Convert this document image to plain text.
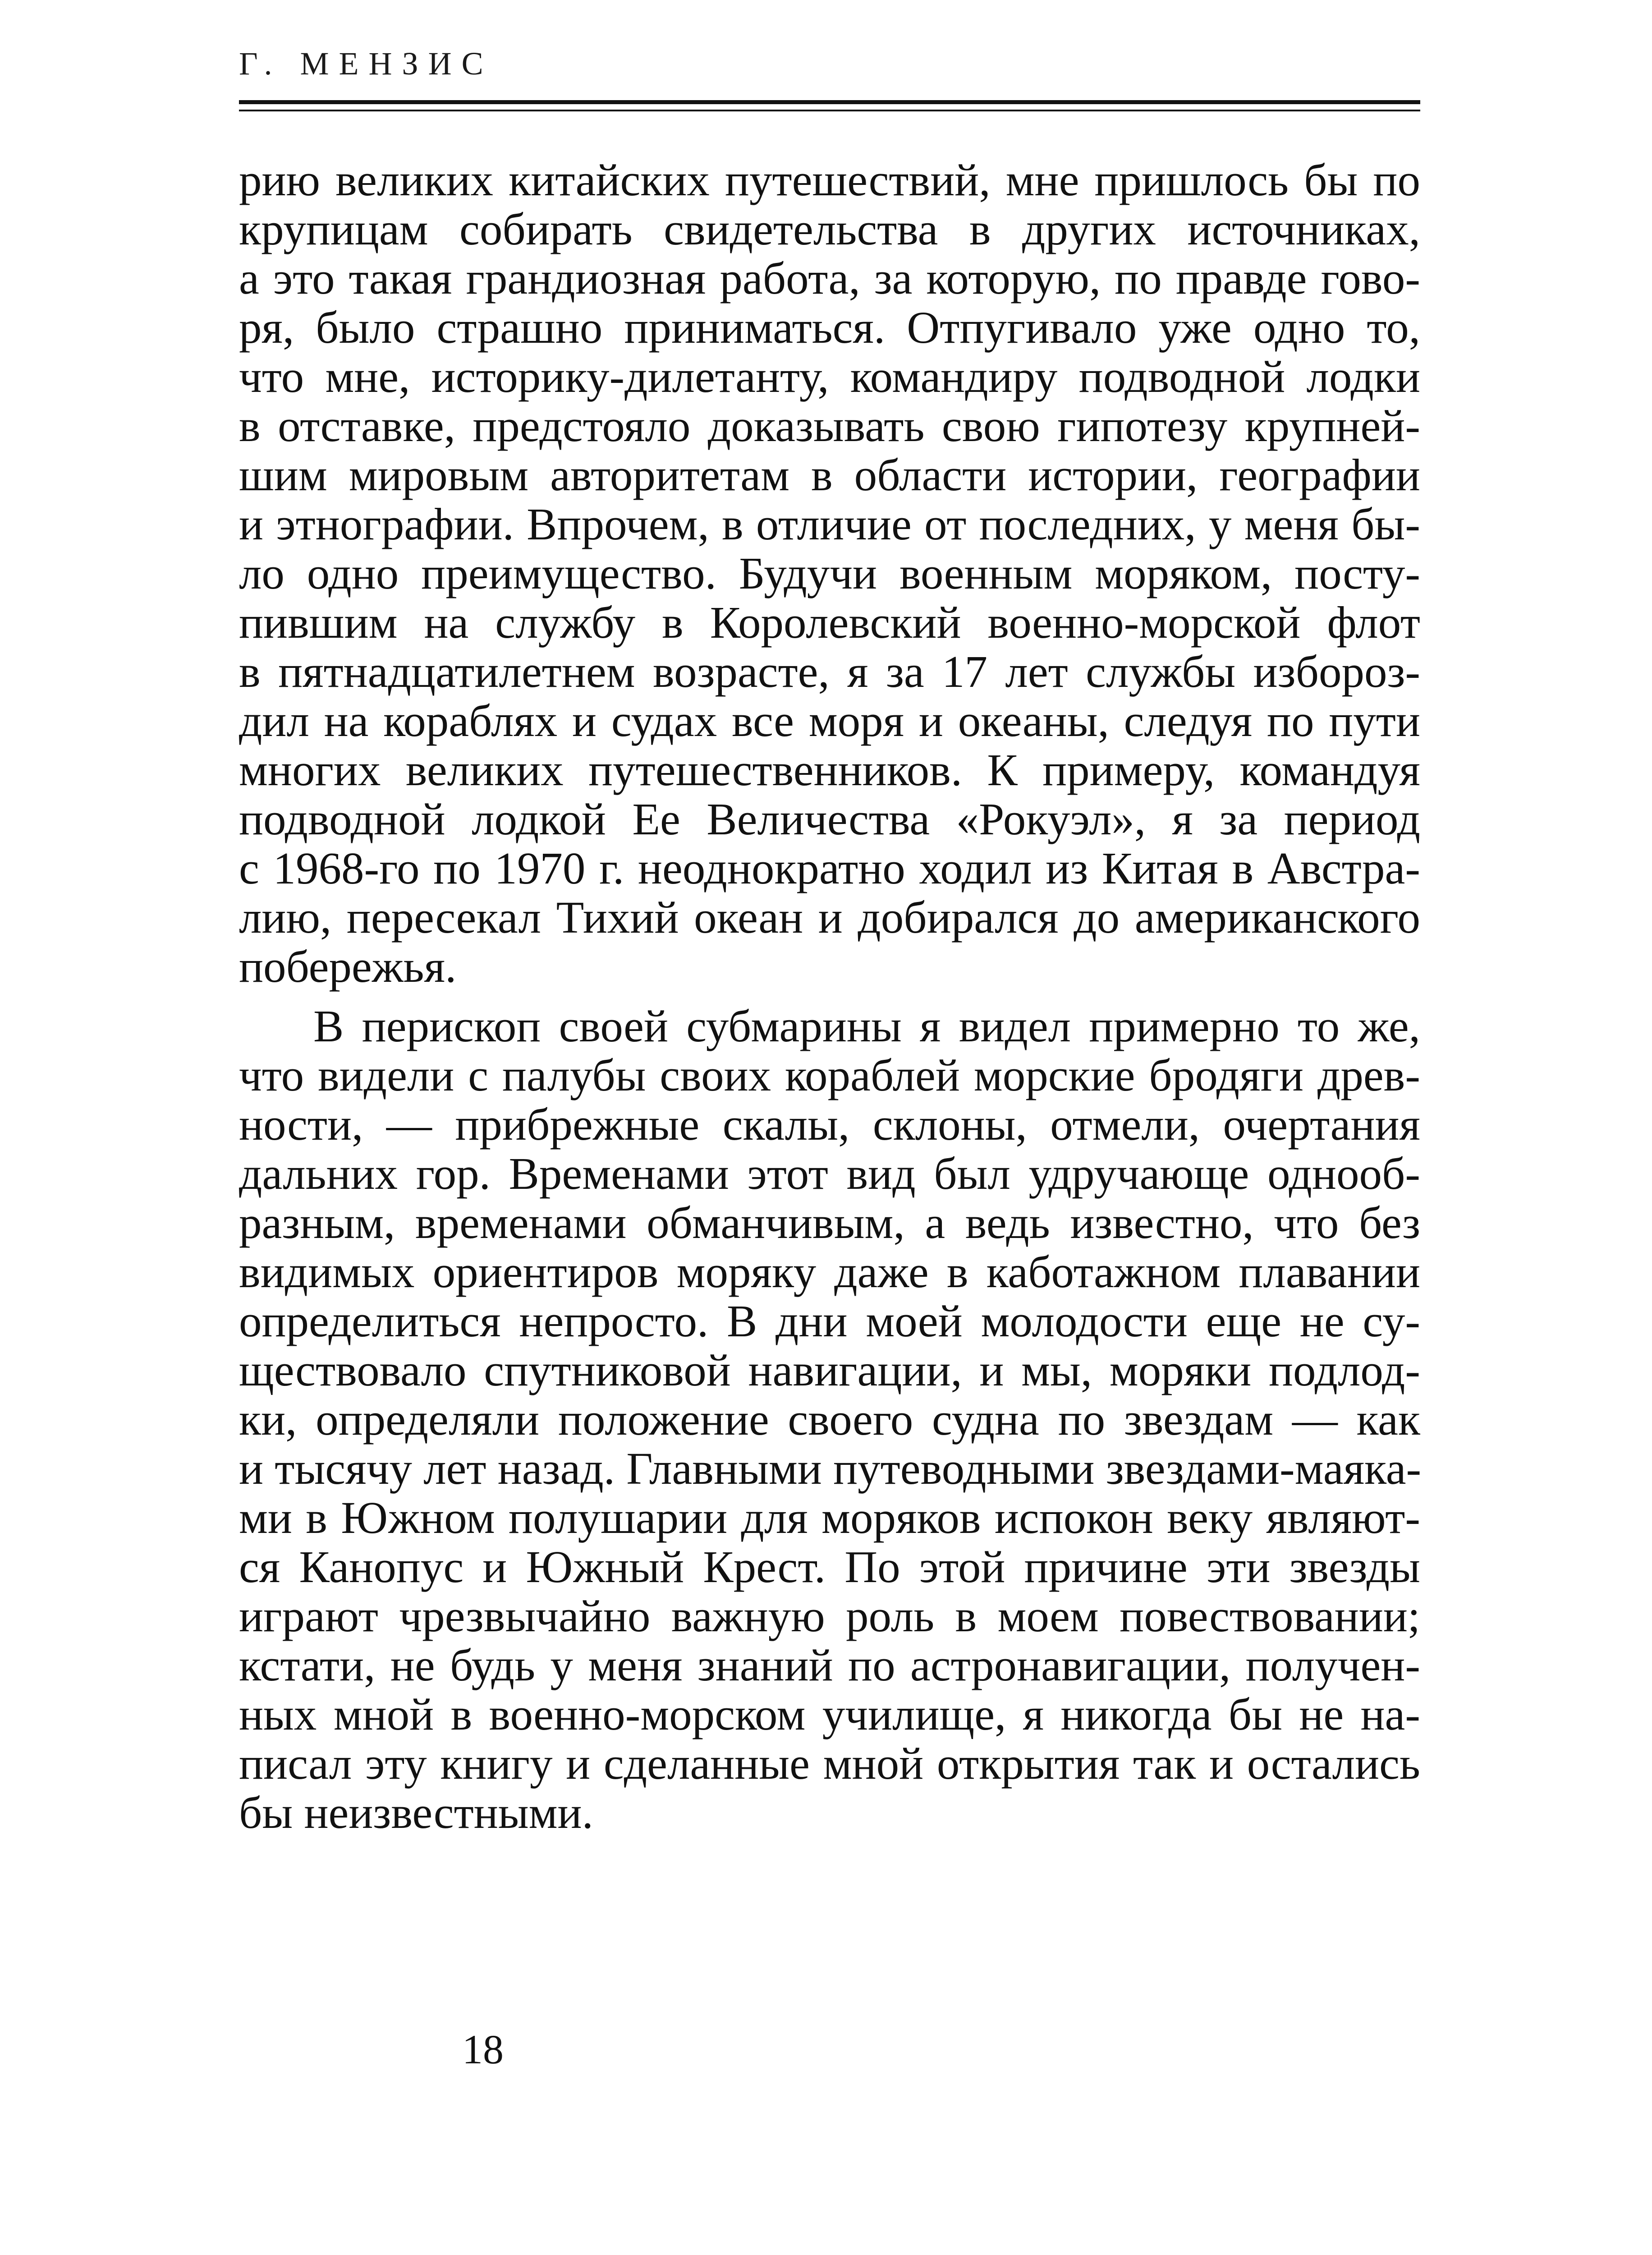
Г. МЕНЗИС
рию великих китайских путешествий, мне пришлось бы по
крупицам собирать свидетельства в других источниках,
а это такая грандиозная работа, за которую, по правде гово-
ря, было страшно приниматься. Отпугивало уже одно то,
что мне, историку-дилетанту, командиру подводной лодки
в отставке, предстояло доказывать свою гипотезу крупней-
шим мировым авторитетам в области истории, географии
и этнографии. Впрочем, в отличие от последних, у меня бы-
ло одно преимущество. Будучи военным моряком, посту-
пившим на службу в Королевский военно-морской флот
в пятнадцатилетнем возрасте, я за 17 лет службы избороз-
дил на кораблях и судах все моря и океаны, следуя по пути
многих великих путешественников. К примеру, командуя
подводной лодкой Ее Величества «Рокуэл», я за период
с 1968-го по 1970 г. неоднократно ходил из Китая в Австра-
лию, пересекал Тихий океан и добирался до американского
побережья.
В перископ своей субмарины я видел примерно то же,
что видели с палубы своих кораблей морские бродяги древ-
ности, — прибрежные скалы, склоны, отмели, очертания
дальних гор. Временами этот вид был удручающе однооб-
разным, временами обманчивым, а ведь известно, что без
видимых ориентиров моряку даже в каботажном плавании
определиться непросто. В дни моей молодости еще не су-
ществовало спутниковой навигации, и мы, моряки подлод-
ки, определяли положение своего судна по звездам — как
и тысячу лет назад. Главными путеводными звездами-маяка-
ми в Южном полушарии для моряков испокон веку являют-
ся Канопус и Южный Крест. По этой причине эти звезды
играют чрезвычайно важную роль в моем повествовании;
кстати, не будь у меня знаний по астронавигации, получен-
ных мной в военно-морском училище, я никогда бы не на-
писал эту книгу и сделанные мной открытия так и остались
бы неизвестными.
18
